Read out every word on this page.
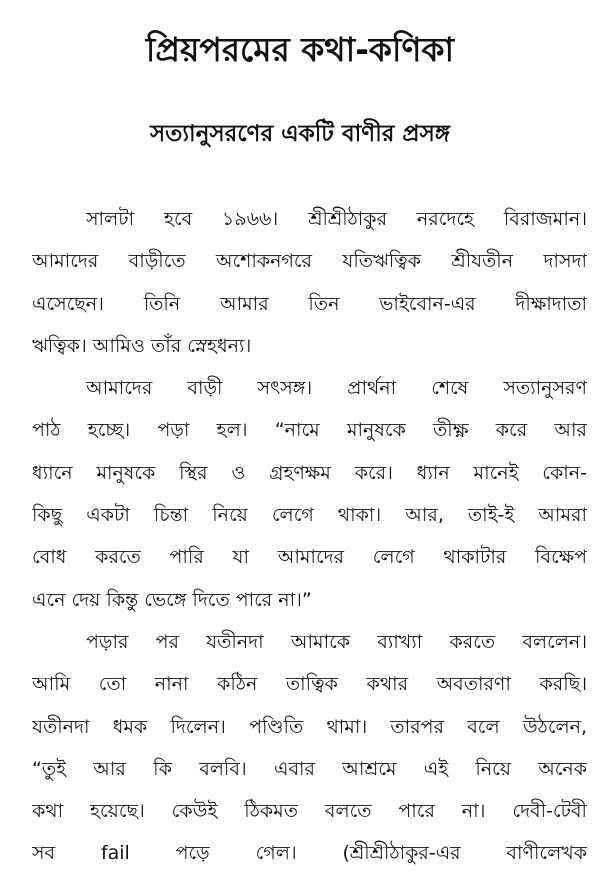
প্রিয়পরমের কথা-কণিকা
সত্যানুসরণের একটি বাণীর প্রসঙ্গ
সালটা হবে ১৯৬৬। শ্রীশ্রীঠাকুর নরদেহে বিরাজমান।
আমাদের বাড়ীতে অশোকনগরে যতিঋত্বিক শ্রীযতীন দাসদা
এসেছেন। তিনি আমার তিন ভাইবোন-এর দীক্ষাদাতা
ঋত্বিক। আমিও তাঁর স্নেহধন্য।
আমাদের বাড়ী সৎসঙ্গ। প্রার্থনা শেষে সত্যানুসরণ
পাঠ হচ্ছে। পড়া হল। “নামে মানুষকে তীক্ষ্ণ করে আর
ধ্যানে মানুষকে স্থির ও গ্রহণক্ষম করে। ধ্যান মানেই কোন-
কিছু একটা চিন্তা নিয়ে লেগে থাকা। আর, তাই-ই আমরা
বোধ করতে পারি যা আমাদের লেগে থাকাটার বিক্ষেপ
এনে দেয় কিন্তু ভেঙ্গে দিতে পারে না।”
পড়ার পর যতীনদা আমাকে ব্যাখ্যা করতে বললেন।
আমি তো নানা কঠিন তাত্বিক কথার অবতারণা করছি।
যতীনদা ধমক দিলেন। পণ্ডিতি থামা। তারপর বলে উঠলেন,
“তুই আর কি বলবি। এবার আশ্রমে এই নিয়ে অনেক
কথা হয়েছে। কেউই ঠিকমত বলতে পারে না। দেবী-টেবী
সব fail পড়ে গেল। (শ্রীশ্রীঠাকুর-এর বাণীলেখক
